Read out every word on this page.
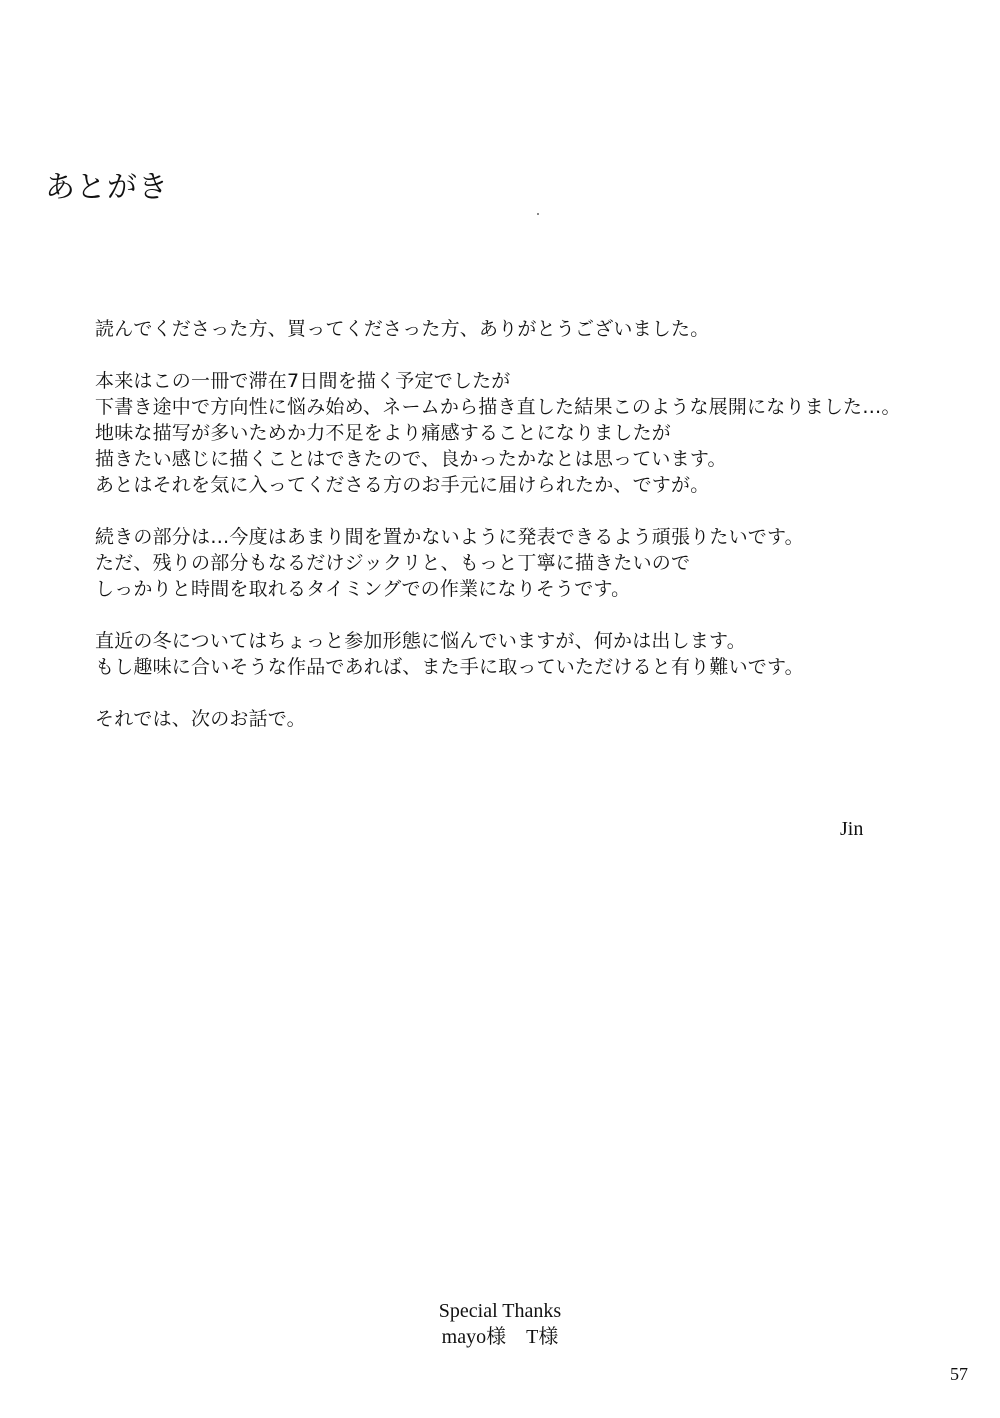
あとがき
読んでくださった方、買ってくださった方、ありがとうございました。
本来はこの一冊で滞在7日間を描く予定でしたが
下書き途中で方向性に悩み始め、ネームから描き直した結果このような展開になりました…。
地味な描写が多いためか力不足をより痛感することになりましたが
描きたい感じに描くことはできたので、良かったかなとは思っています。
あとはそれを気に入ってくださる方のお手元に届けられたか、ですが。
続きの部分は…今度はあまり間を置かないように発表できるよう頑張りたいです。
ただ、残りの部分もなるだけジックリと、もっと丁寧に描きたいので
しっかりと時間を取れるタイミングでの作業になりそうです。
直近の冬についてはちょっと参加形態に悩んでいますが、何かは出します。
もし趣味に合いそうな作品であれば、また手に取っていただけると有り難いです。
それでは、次のお話で。
Jin
Special Thanks
mayo様　T様
57
